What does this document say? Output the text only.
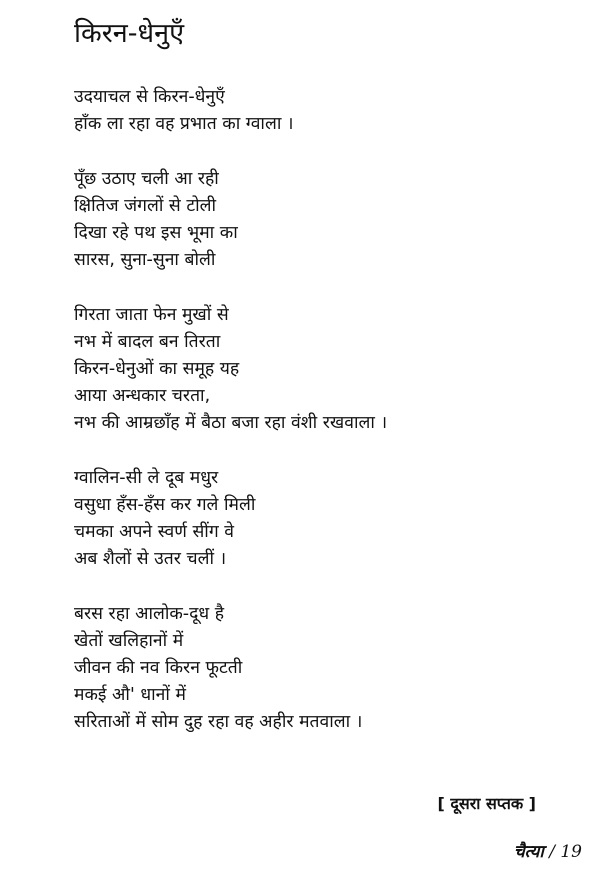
किरन-धेनुएँ
उदयाचल से किरन-धेनुएँ
हाँक ला रहा वह प्रभात का ग्वाला ।
पूँछ उठाए चली आ रही
क्षितिज जंगलों से टोली
दिखा रहे पथ इस भूमा का
सारस, सुना-सुना बोली
गिरता जाता फेन मुखों से
नभ में बादल बन तिरता
किरन-धेनुओं का समूह यह
आया अन्धकार चरता,
नभ की आम्रछाँह में बैठा बजा रहा वंशी रखवाला ।
ग्वालिन-सी ले दूब मधुर
वसुधा हँस-हँस कर गले मिली
चमका अपने स्वर्ण सींग वे
अब शैलों से उतर चलीं ।
बरस रहा आलोक-दूध है
खेतों खलिहानों में
जीवन की नव किरन फूटती
मकई औ' धानों में
सरिताओं में सोम दुह रहा वह अहीर मतवाला ।
[ दूसरा सप्तक ]
चैत्या / 19
